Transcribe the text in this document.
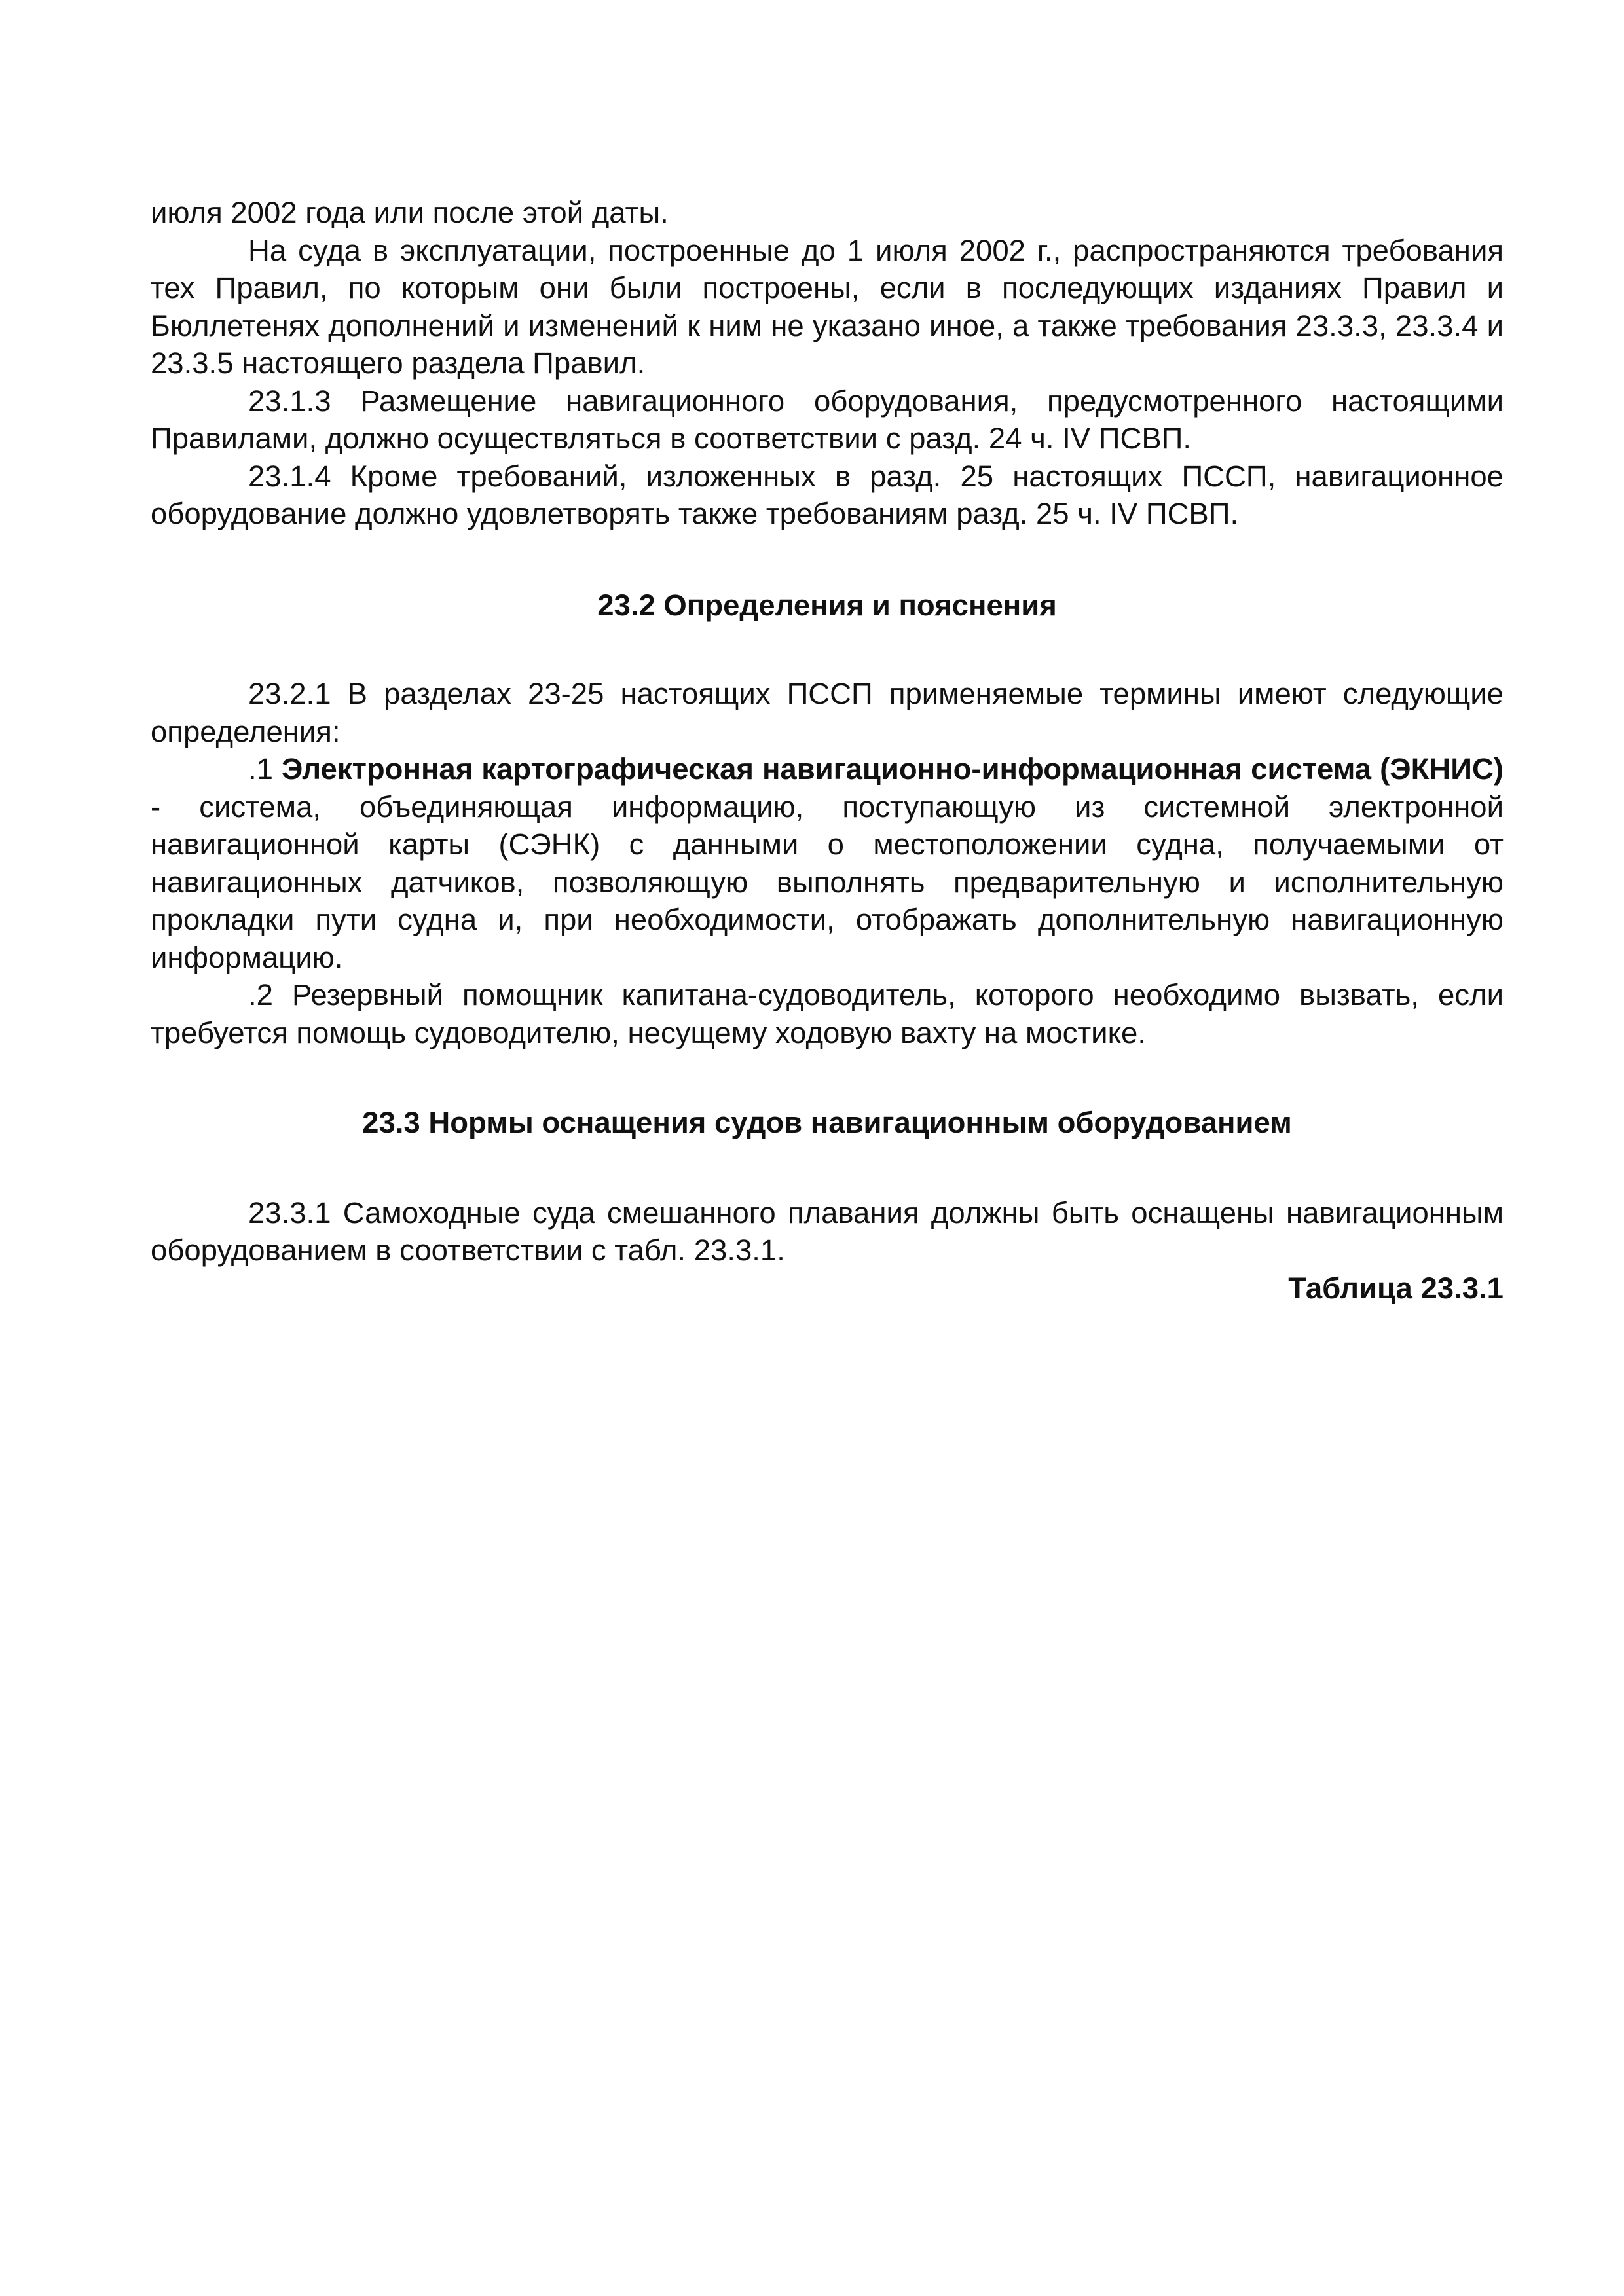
июля 2002 года или после этой даты.

На суда в эксплуатации, построенные до 1 июля 2002 г., распространяются требования тех Правил, по которым они были построены, если в последующих изданиях Правил и Бюллетенях дополнений и изменений к ним не указано иное, а также требования 23.3.3, 23.3.4 и 23.3.5 настоящего раздела Правил.

23.1.3 Размещение навигационного оборудования, предусмотренного настоящими Правилами, должно осуществляться в соответствии с разд. 24 ч. IV ПСВП.

23.1.4 Кроме требований, изложенных в разд. 25 настоящих ПССП, навигационное оборудование должно удовлетворять также требованиям разд. 25 ч. IV ПСВП.

23.2 Определения и пояснения

23.2.1 В разделах 23-25 настоящих ПССП применяемые термины имеют следующие определения:

.1 Электронная картографическая навигационно-информационная система (ЭКНИС) - система, объединяющая информацию, поступающую из системной электронной навигационной карты (СЭНК) с данными о местоположении судна, получаемыми от навигационных датчиков, позволяющую выполнять предварительную и исполнительную прокладки пути судна и, при необходимости, отображать дополнительную навигационную информацию.

.2 Резервный помощник капитана-судоводитель, которого необходимо вызвать, если требуется помощь судоводителю, несущему ходовую вахту на мостике.

23.3 Нормы оснащения судов навигационным оборудованием

23.3.1 Самоходные суда смешанного плавания должны быть оснащены навигационным оборудованием в соответствии с табл. 23.3.1.

Таблица 23.3.1
